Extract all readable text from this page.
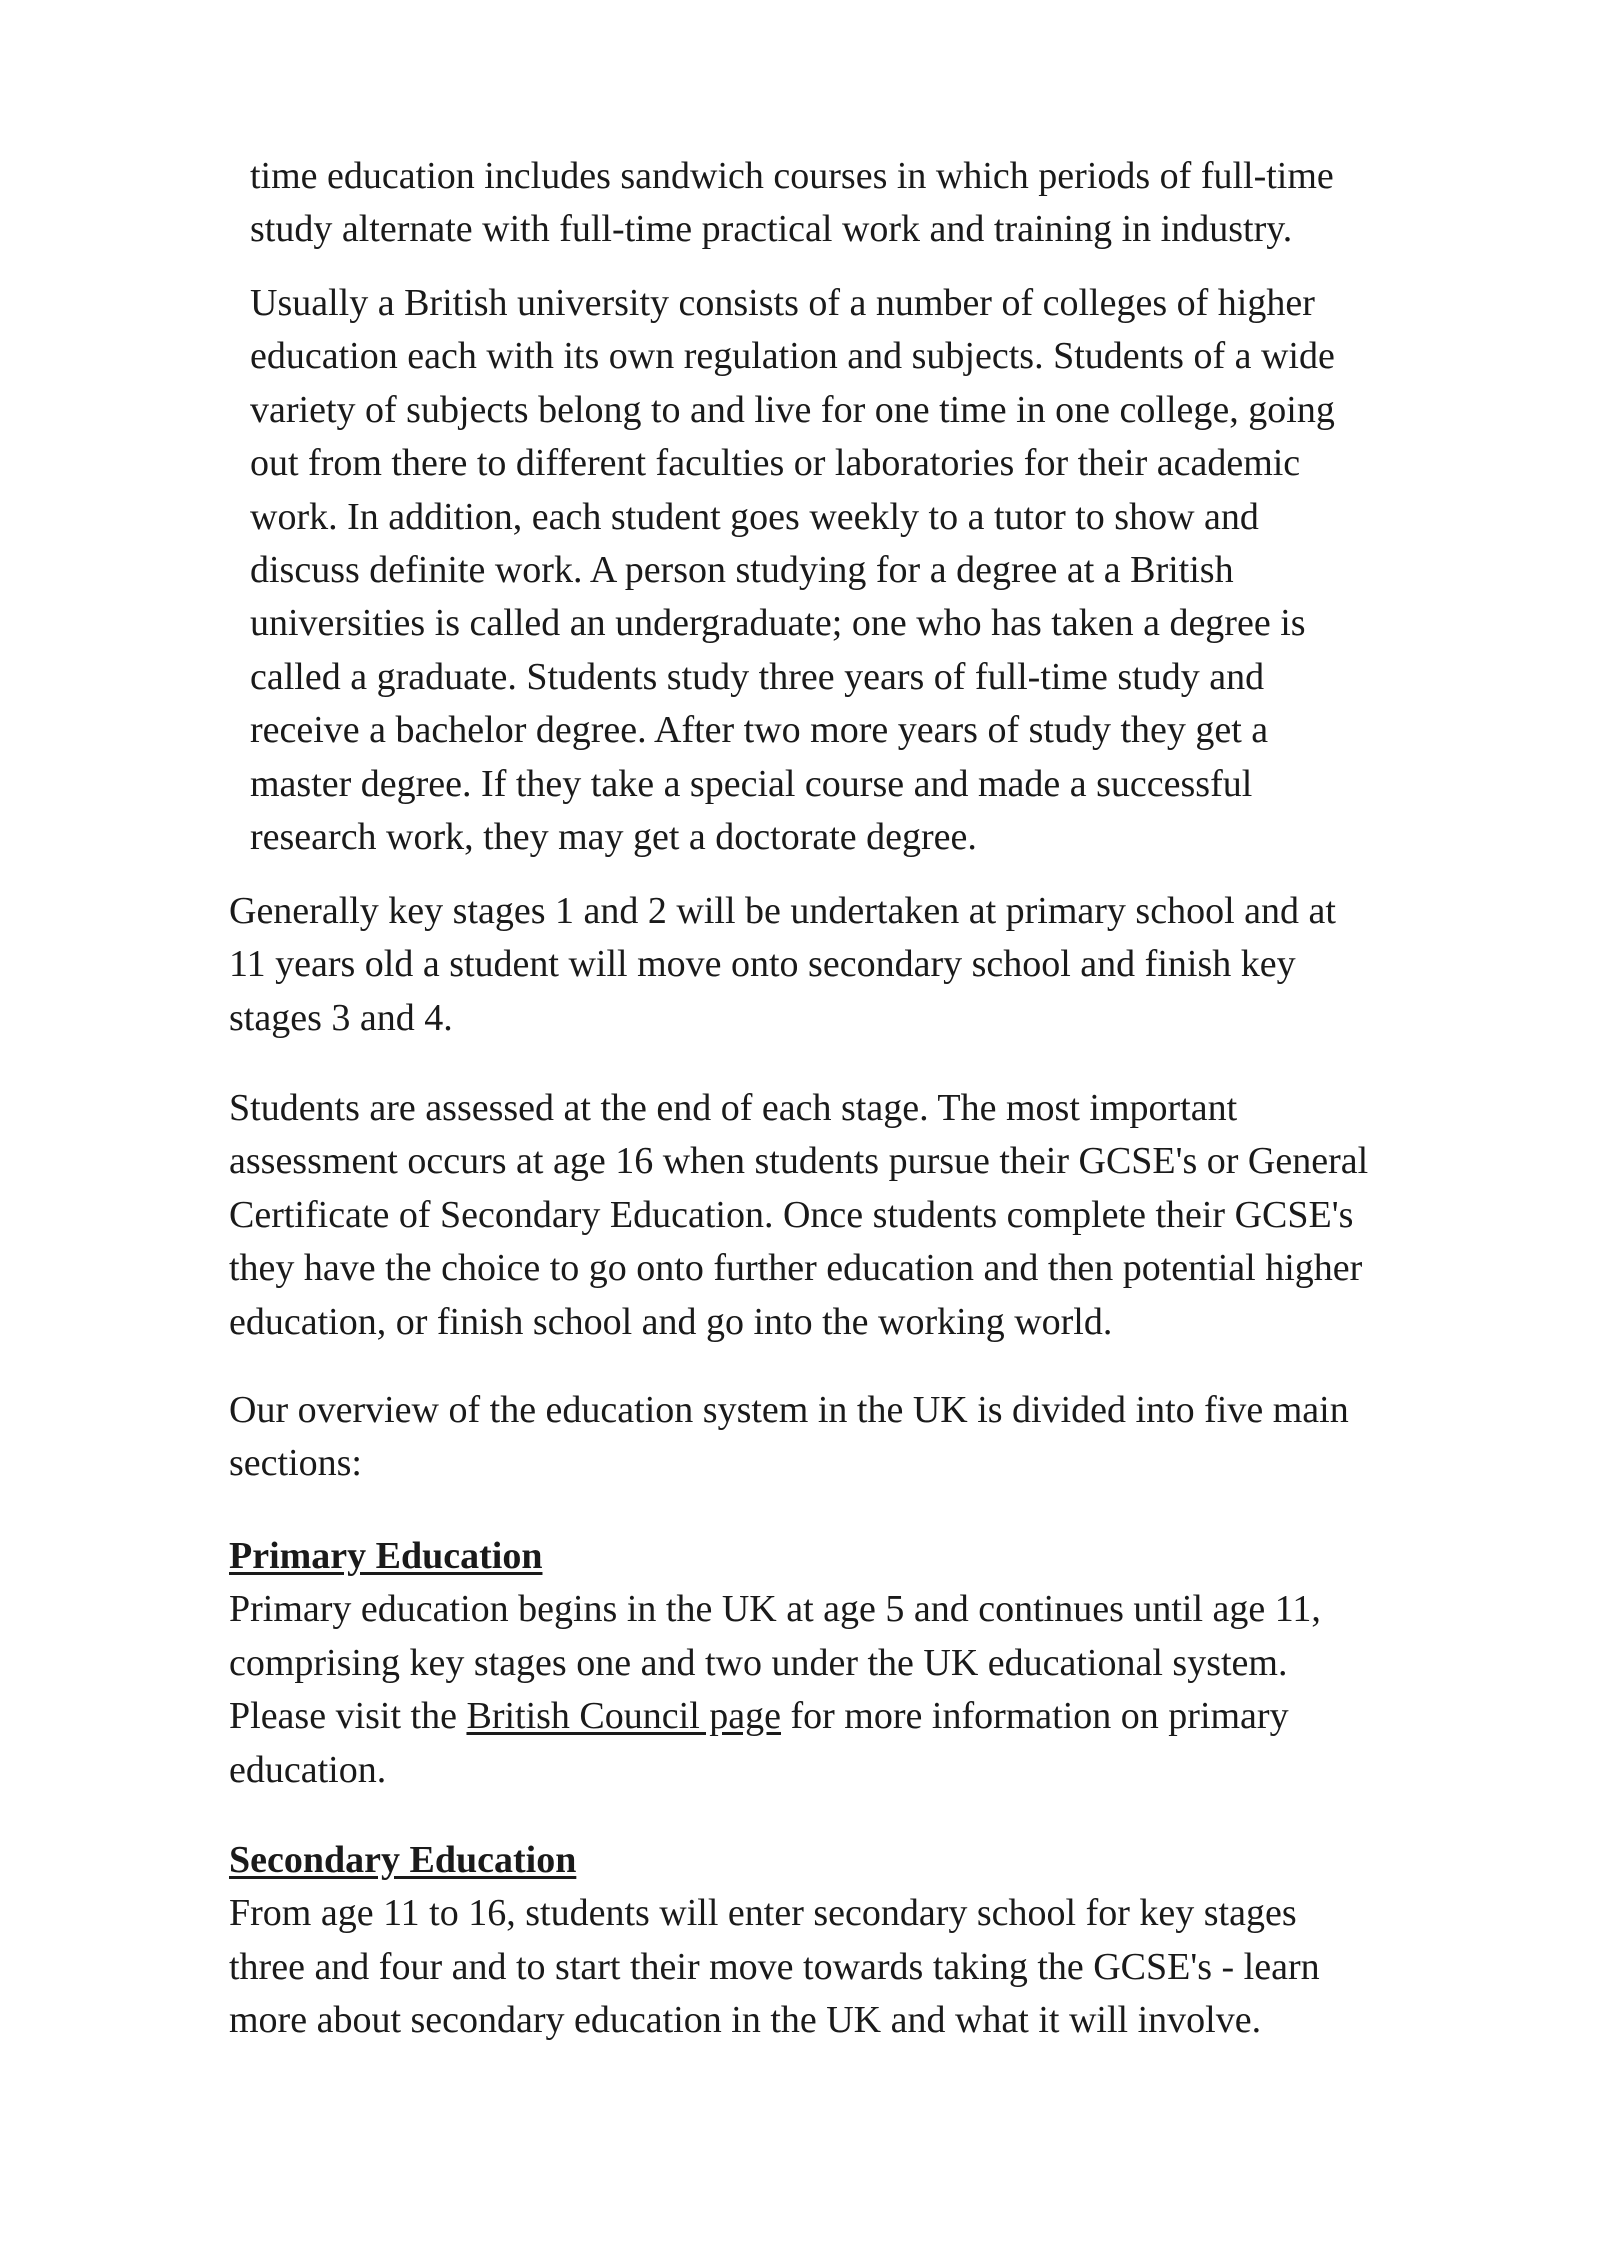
time education includes sandwich courses in which periods of full-time
study alternate with full-time practical work and training in industry.
Usually a British university consists of a number of colleges of higher
education each with its own regulation and subjects. Students of a wide
variety of subjects belong to and live for one time in one college, going
out from there to different faculties or laboratories for their academic
work. In addition, each student goes weekly to a tutor to show and
discuss definite work. A person studying for a degree at a British
universities is called an undergraduate; one who has taken a degree is
called a graduate. Students study three years of full-time study and
receive a bachelor degree. After two more years of study they get a
master degree. If they take a special course and made a successful
research work, they may get a doctorate degree.
Generally key stages 1 and 2 will be undertaken at primary school and at
11 years old a student will move onto secondary school and finish key
stages 3 and 4.
Students are assessed at the end of each stage. The most important
assessment occurs at age 16 when students pursue their GCSE's or General
Certificate of Secondary Education. Once students complete their GCSE's
they have the choice to go onto further education and then potential higher
education, or finish school and go into the working world.
Our overview of the education system in the UK is divided into five main
sections:
Primary Education
Primary education begins in the UK at age 5 and continues until age 11,
comprising key stages one and two under the UK educational system.
Please visit the British Council page for more information on primary
education.
Secondary Education
From age 11 to 16, students will enter secondary school for key stages
three and four and to start their move towards taking the GCSE's - learn
more about secondary education in the UK and what it will involve.
